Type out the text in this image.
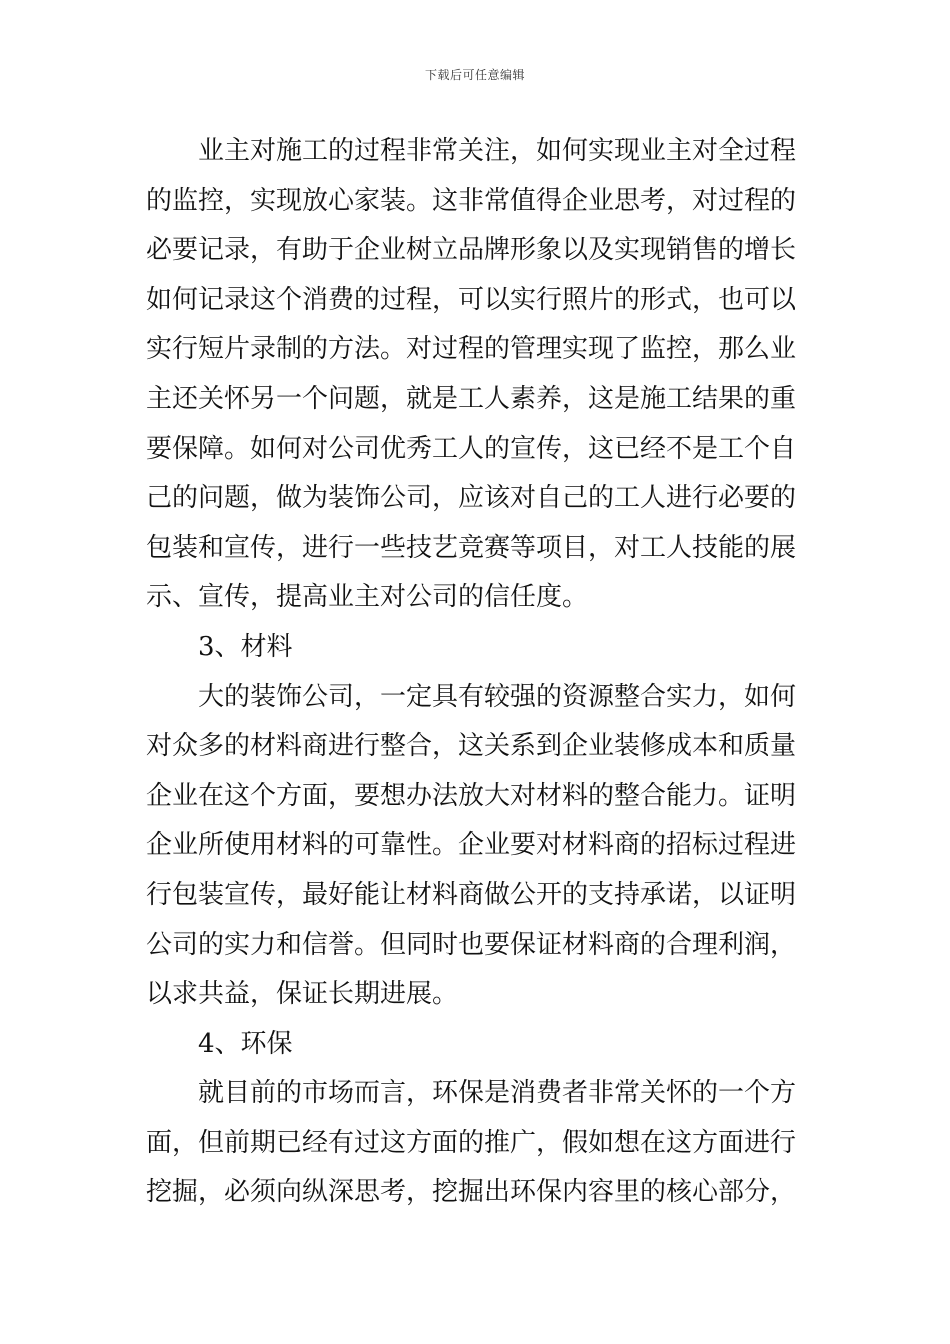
下载后可任意编辑
业主对施工的过程非常关注，如何实现业主对全过程
的监控，实现放心家装。这非常值得企业思考，对过程的
必要记录，有助于企业树立品牌形象以及实现销售的增长
如何记录这个消费的过程，可以实行照片的形式，也可以
实行短片录制的方法。对过程的管理实现了监控，那么业
主还关怀另一个问题，就是工人素养，这是施工结果的重
要保障。如何对公司优秀工人的宣传，这已经不是工个自
己的问题，做为装饰公司，应该对自己的工人进行必要的
包装和宣传，进行一些技艺竞赛等项目，对工人技能的展
示、宣传，提高业主对公司的信任度。
3、材料
大的装饰公司，一定具有较强的资源整合实力，如何
对众多的材料商进行整合，这关系到企业装修成本和质量
企业在这个方面，要想办法放大对材料的整合能力。证明
企业所使用材料的可靠性。企业要对材料商的招标过程进
行包装宣传，最好能让材料商做公开的支持承诺，以证明
公司的实力和信誉。但同时也要保证材料商的合理利润，
以求共益，保证长期进展。
4、环保
就目前的市场而言，环保是消费者非常关怀的一个方
面，但前期已经有过这方面的推广，假如想在这方面进行
挖掘，必须向纵深思考，挖掘出环保内容里的核心部分，
